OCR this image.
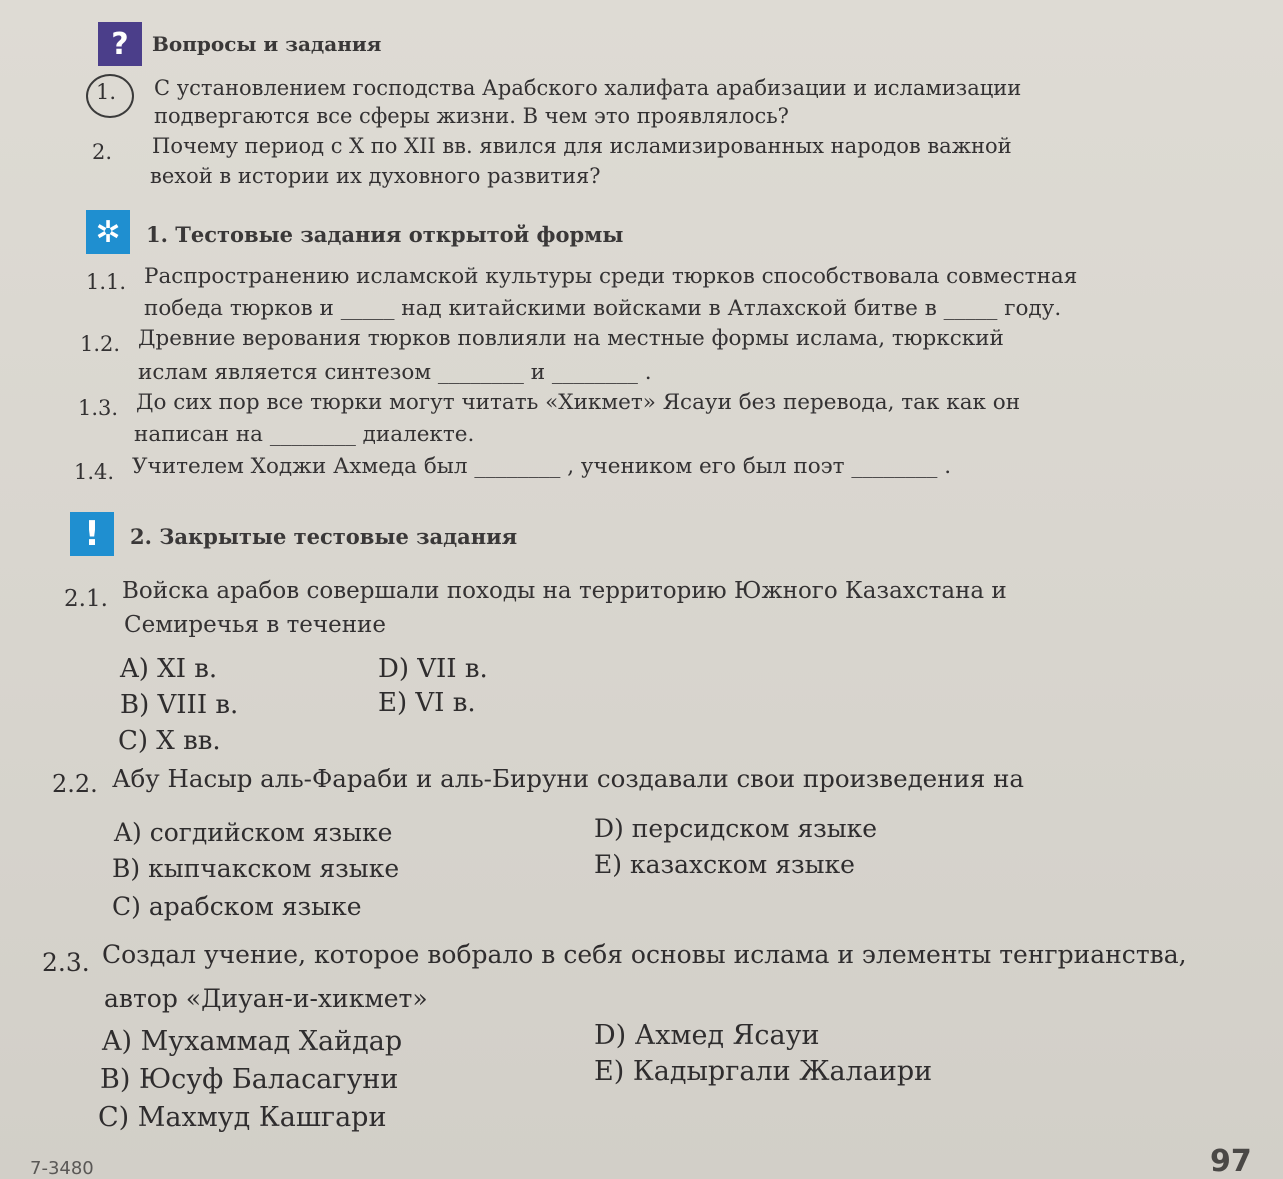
?	Вопросы и задания
1. С установлением господства Арабского халифата арабизации и исламизации
подвергаются все сферы жизни. В чем это проявлялось?
2. Почему период с X по XII вв. явился для исламизированных народов важной
вехой в истории их духовного развития?
✲	1. Тестовые задания открытой формы
1.1. Распространению исламской культуры среди тюрков способствовала совместная
победа тюрков и _____ над китайскими войсками в Атлахской битве в _____ году.
1.2. Древние верования тюрков повлияли на местные формы ислама, тюркский
ислам является синтезом ________ и ________ .
1.3. До сих пор все тюрки могут читать «Хикмет» Ясауи без перевода, так как он
написан на ________ диалекте.
1.4. Учителем Ходжи Ахмеда был ________ , учеником его был поэт ________ .
!	2. Закрытые тестовые задания
2.1. Войска арабов совершали походы на территорию Южного Казахстана и
Семиречья в течение
A) XI в.
B) VIII в.
C) X вв.
D) VII в.
E) VI в.
2.2. Абу Насыр аль-Фараби и аль-Бируни создавали свои произведения на
A) согдийском языке
B) кыпчакском языке
C) арабском языке
D) персидском языке
E) казахском языке
2.3. Создал учение, которое вобрало в себя основы ислама и элементы тенгрианства,
автор «Диуан-и-хикмет»
A) Мухаммад Хайдар
B) Юсуф Баласагуни
C) Махмуд Кашгари
D) Ахмед Ясауи
E) Кадыргали Жалаири
7-3480	97
